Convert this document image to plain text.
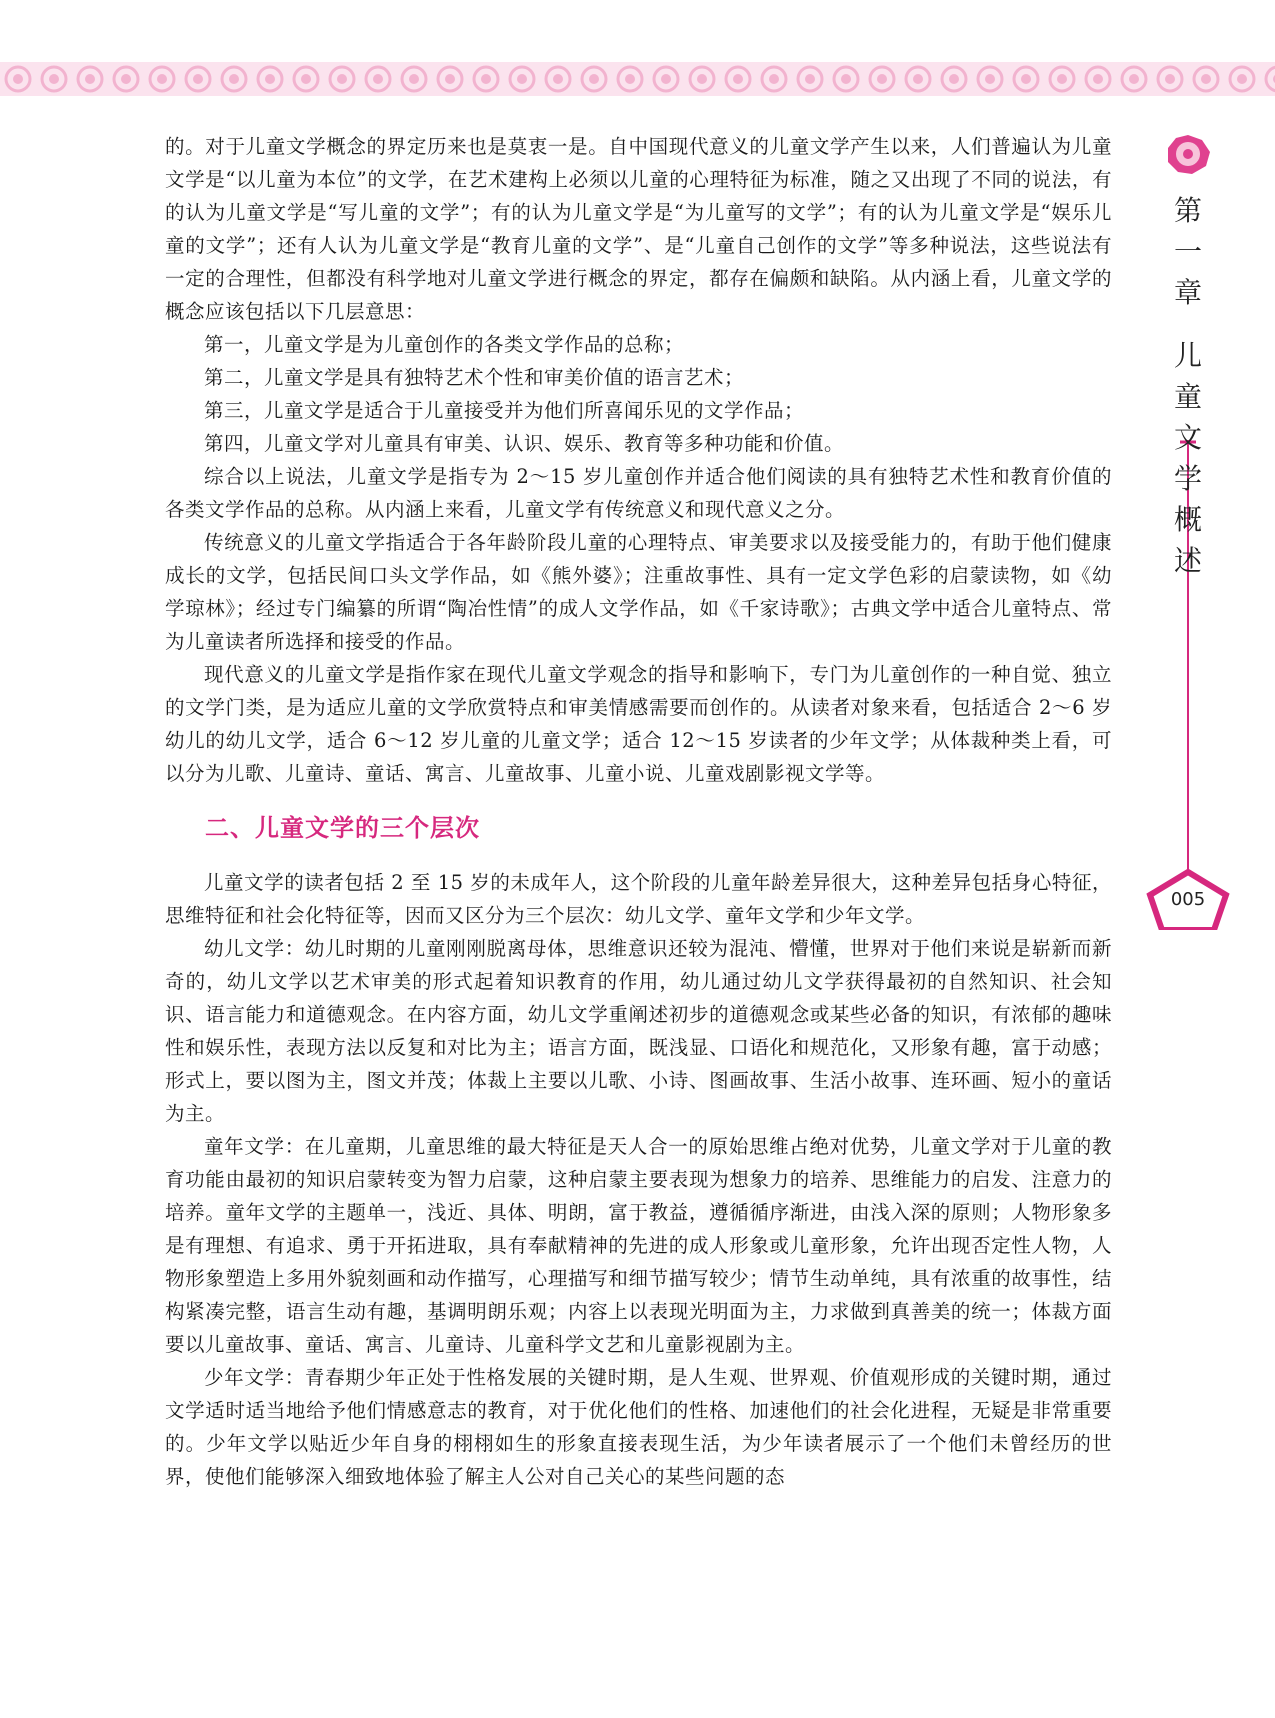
的。对于儿童文学概念的界定历来也是莫衷一是。自中国现代意义的儿童文学产生以来，人们普遍认为儿童文学是“以儿童为本位”的文学，在艺术建构上必须以儿童的心理特征为标准，随之又出现了不同的说法，有的认为儿童文学是“写儿童的文学”；有的认为儿童文学是“为儿童写的文学”；有的认为儿童文学是“娱乐儿童的文学”；还有人认为儿童文学是“教育儿童的文学”、是“儿童自己创作的文学”等多种说法，这些说法有一定的合理性，但都没有科学地对儿童文学进行概念的界定，都存在偏颇和缺陷。从内涵上看，儿童文学的概念应该包括以下几层意思：

第一，儿童文学是为儿童创作的各类文学作品的总称；

第二，儿童文学是具有独特艺术个性和审美价值的语言艺术；

第三，儿童文学是适合于儿童接受并为他们所喜闻乐见的文学作品；

第四，儿童文学对儿童具有审美、认识、娱乐、教育等多种功能和价值。

综合以上说法，儿童文学是指专为 2～15 岁儿童创作并适合他们阅读的具有独特艺术性和教育价值的各类文学作品的总称。从内涵上来看，儿童文学有传统意义和现代意义之分。

传统意义的儿童文学指适合于各年龄阶段儿童的心理特点、审美要求以及接受能力的，有助于他们健康成长的文学，包括民间口头文学作品，如《熊外婆》；注重故事性、具有一定文学色彩的启蒙读物，如《幼学琼林》；经过专门编纂的所谓“陶冶性情”的成人文学作品，如《千家诗歌》；古典文学中适合儿童特点、常为儿童读者所选择和接受的作品。

现代意义的儿童文学是指作家在现代儿童文学观念的指导和影响下，专门为儿童创作的一种自觉、独立的文学门类，是为适应儿童的文学欣赏特点和审美情感需要而创作的。从读者对象来看，包括适合 2～6 岁幼儿的幼儿文学，适合 6～12 岁儿童的儿童文学；适合 12～15 岁读者的少年文学；从体裁种类上看，可以分为儿歌、儿童诗、童话、寓言、儿童故事、儿童小说、儿童戏剧影视文学等。

二、儿童文学的三个层次

儿童文学的读者包括 2 至 15 岁的未成年人，这个阶段的儿童年龄差异很大，这种差异包括身心特征，思维特征和社会化特征等，因而又区分为三个层次：幼儿文学、童年文学和少年文学。

幼儿文学：幼儿时期的儿童刚刚脱离母体，思维意识还较为混沌、懵懂，世界对于他们来说是崭新而新奇的，幼儿文学以艺术审美的形式起着知识教育的作用，幼儿通过幼儿文学获得最初的自然知识、社会知识、语言能力和道德观念。在内容方面，幼儿文学重阐述初步的道德观念或某些必备的知识，有浓郁的趣味性和娱乐性，表现方法以反复和对比为主；语言方面，既浅显、口语化和规范化，又形象有趣，富于动感；形式上，要以图为主，图文并茂；体裁上主要以儿歌、小诗、图画故事、生活小故事、连环画、短小的童话为主。

童年文学：在儿童期，儿童思维的最大特征是天人合一的原始思维占绝对优势，儿童文学对于儿童的教育功能由最初的知识启蒙转变为智力启蒙，这种启蒙主要表现为想象力的培养、思维能力的启发、注意力的培养。童年文学的主题单一，浅近、具体、明朗，富于教益，遵循循序渐进，由浅入深的原则；人物形象多是有理想、有追求、勇于开拓进取，具有奉献精神的先进的成人形象或儿童形象，允许出现否定性人物，人物形象塑造上多用外貌刻画和动作描写，心理描写和细节描写较少；情节生动单纯，具有浓重的故事性，结构紧凑完整，语言生动有趣，基调明朗乐观；内容上以表现光明面为主，力求做到真善美的统一；体裁方面要以儿童故事、童话、寓言、儿童诗、儿童科学文艺和儿童影视剧为主。

少年文学：青春期少年正处于性格发展的关键时期，是人生观、世界观、价值观形成的关键时期，通过文学适时适当地给予他们情感意志的教育，对于优化他们的性格、加速他们的社会化进程，无疑是非常重要的。少年文学以贴近少年自身的栩栩如生的形象直接表现生活，为少年读者展示了一个他们未曾经历的世界，使他们能够深入细致地体验了解主人公对自己关心的某些问题的态

第
一
章

儿
童
文
学
概
述
005
